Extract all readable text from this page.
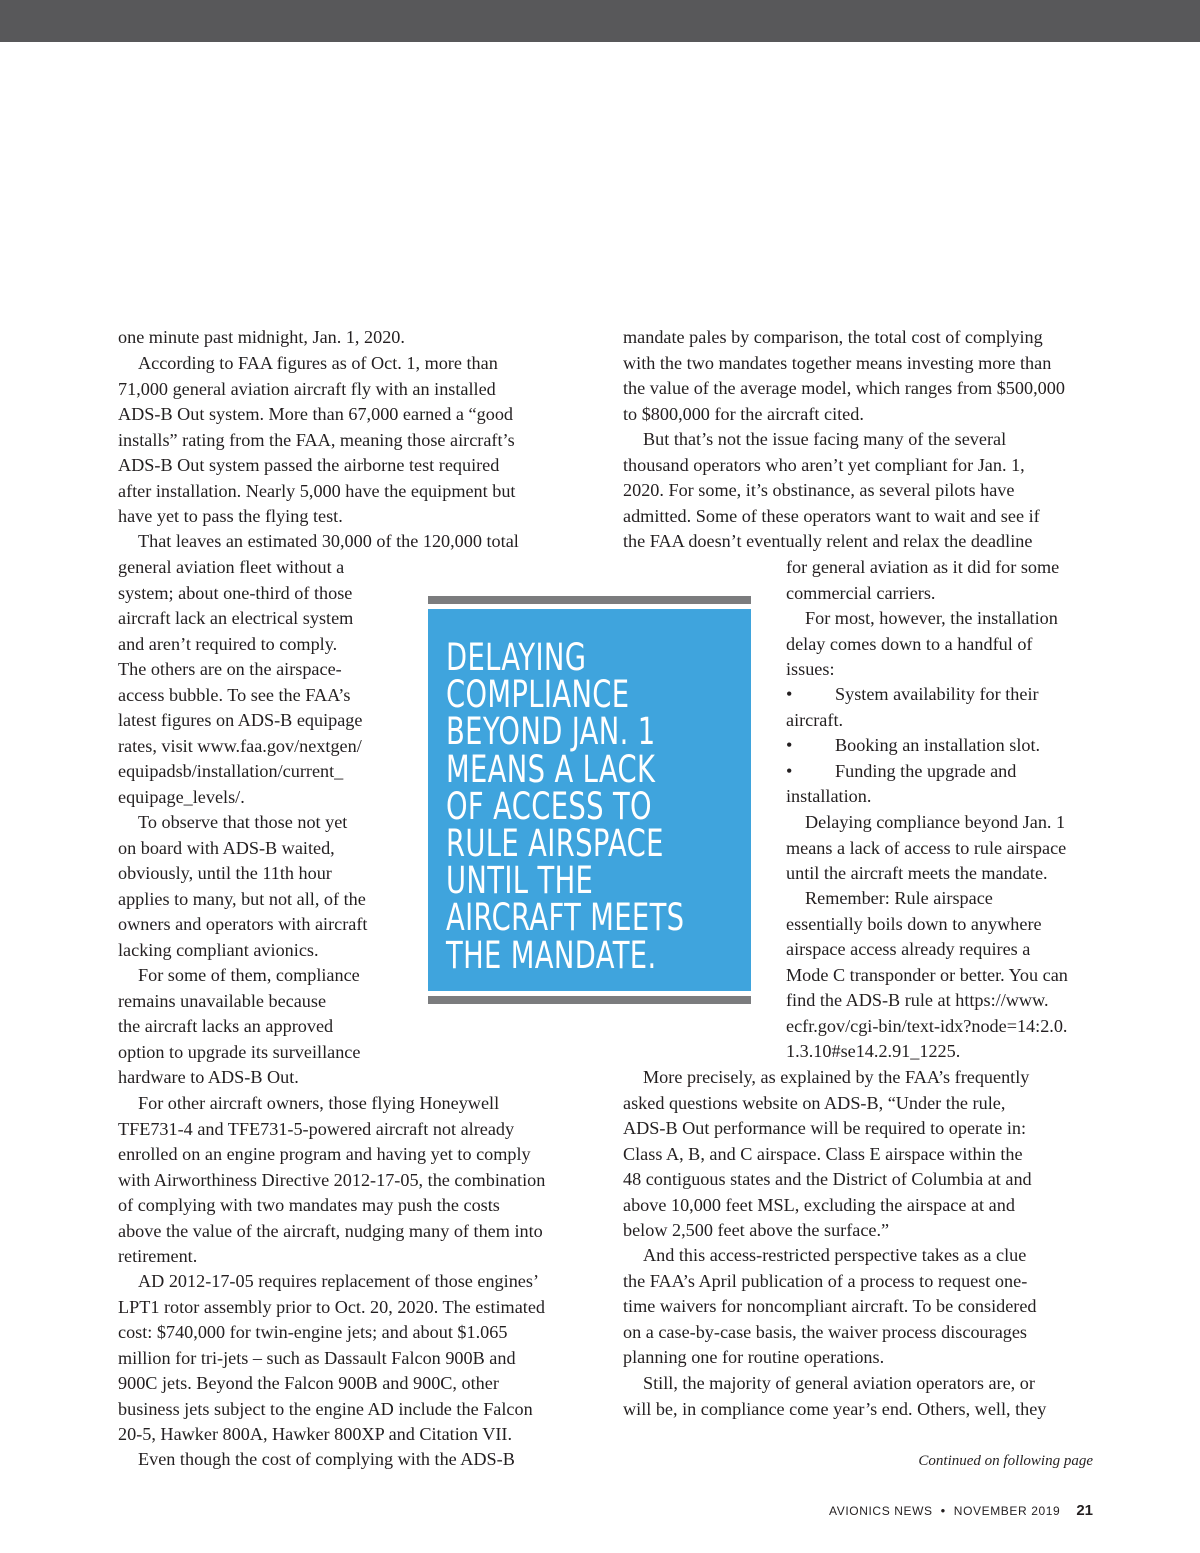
one minute past midnight, Jan. 1, 2020.

According to FAA figures as of Oct. 1, more than
71,000 general aviation aircraft fly with an installed
ADS-B Out system. More than 67,000 earned a “good
installs” rating from the FAA, meaning those aircraft’s
ADS-B Out system passed the airborne test required
after installation. Nearly 5,000 have the equipment but
have yet to pass the flying test.

That leaves an estimated 30,000 of the 120,000 total

general aviation fleet without a
system; about one-third of those
aircraft lack an electrical system
and aren’t required to comply.
The others are on the airspace-
access bubble. To see the FAA’s
latest figures on ADS-B equipage
rates, visit www.faa.gov/nextgen/
equipadsb/installation/current_
equipage_levels/.

To observe that those not yet
on board with ADS-B waited,
obviously, until the 11th hour
applies to many, but not all, of the
owners and operators with aircraft
lacking compliant avionics.

For some of them, compliance
remains unavailable because
the aircraft lacks an approved
option to upgrade its surveillance
hardware to ADS-B Out.

For other aircraft owners, those flying Honeywell
TFE731-4 and TFE731-5-powered aircraft not already
enrolled on an engine program and having yet to comply
with Airworthiness Directive 2012-17-05, the combination
of complying with two mandates may push the costs
above the value of the aircraft, nudging many of them into
retirement.

AD 2012-17-05 requires replacement of those engines’
LPT1 rotor assembly prior to Oct. 20, 2020. The estimated
cost: $740,000 for twin-engine jets; and about $1.065
million for tri-jets – such as Dassault Falcon 900B and
900C jets. Beyond the Falcon 900B and 900C, other
business jets subject to the engine AD include the Falcon
20-5, Hawker 800A, Hawker 800XP and Citation VII.

Even though the cost of complying with the ADS-B

mandate pales by comparison, the total cost of complying
with the two mandates together means investing more than
the value of the average model, which ranges from $500,000
to $800,000 for the aircraft cited.

But that’s not the issue facing many of the several
thousand operators who aren’t yet compliant for Jan. 1,
2020. For some, it’s obstinance, as several pilots have
admitted. Some of these operators want to wait and see if
the FAA doesn’t eventually relent and relax the deadline

for general aviation as it did for some
commercial carriers.

For most, however, the installation
delay comes down to a handful of
issues:

• System availability for their

aircraft.

• Booking an installation slot.
• Funding the upgrade and

installation.

Delaying compliance beyond Jan. 1
means a lack of access to rule airspace
until the aircraft meets the mandate.

Remember: Rule airspace
essentially boils down to anywhere
airspace access already requires a
Mode C transponder or better. You can
find the ADS-B rule at https://www.
ecfr.gov/cgi-bin/text-idx?node=14:2.0.
1.3.10#se14.2.91_1225.

More precisely, as explained by the FAA’s frequently
asked questions website on ADS-B, “Under the rule,
ADS-B Out performance will be required to operate in:
Class A, B, and C airspace. Class E airspace within the
48 contiguous states and the District of Columbia at and
above 10,000 feet MSL, excluding the airspace at and
below 2,500 feet above the surface.”

And this access-restricted perspective takes as a clue
the FAA’s April publication of a process to request one-
time waivers for noncompliant aircraft. To be considered
on a case-by-case basis, the waiver process discourages
planning one for routine operations.

Still, the majority of general aviation operators are, or
will be, in compliance come year’s end. Others, well, they

DELAYING
COMPLIANCE
BEYOND JAN. 1
MEANS A LACK
OF ACCESS TO
RULE AIRSPACE
UNTIL THE
AIRCRAFT MEETS
THE MANDATE.

Continued on following page

AVIONICS NEWS • NOVEMBER 2019 21
